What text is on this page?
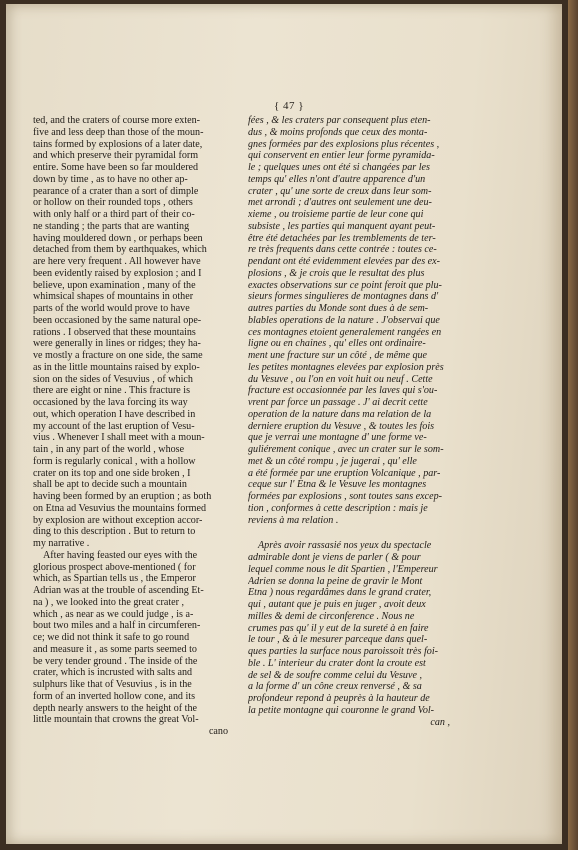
{ 47 }
ted, and the craters of course more exten-
five and less deep than those of the moun-
tains formed by explosions of a later date,
and which preserve their pyramidal form
entire. Some have been so far mouldered
down by time , as to have no other ap-
pearance of a crater than a sort of dimple
or hollow on their rounded tops , others
with only half or a third part of their co-
ne standing ; the parts that are wanting
having mouldered down , or perhaps been
detached from them by earthquakes, which
are here very frequent . All however have
been evidently raised by explosion ; and I
believe, upon examination , many of the
whimsical shapes of mountains in other
parts of the world would prove to have
been occasioned by the same natural ope-
rations . I observed that these mountains
were generally in lines or ridges; they ha-
ve mostly a fracture on one side, the same
as in the little mountains raised by explo-
sion on the sides of Vesuvius , of which
there are eight or nine . This fracture is
occasioned by the lava forcing its way
out, which operation I have described in
my account of the last eruption of Vesu-
vius . Whenever I shall meet with a moun-
tain , in any part of the world , whose
form is regularly conical , with a hollow
crater on its top and one side broken , I
shall be apt to decide such a mountain
having been formed by an eruption ; as both
on Etna ad Vesuvius the mountains formed
by explosion are without exception accor-
ding to this description . But to return to
my narrative .
After having feasted our eyes with the
glorious prospect above-mentioned ( for
which, as Spartian tells us , the Emperor
Adrian was at the trouble of ascending Et-
na ) , we looked into the great crater ,
which , as near as we could judge , is a-
bout two miles and a half in circumferen-
ce; we did not think it safe to go round
and measure it , as some parts seemed to
be very tender ground . The inside of the
crater, which is incrusted with salts and
sulphurs like that of Vesuvius , is in the
form of an inverted hollow cone, and its
depth nearly answers to the height of the
little mountain that crowns the great Vol-
cano
fées , & les craters par consequent plus eten-
dus , & moins profonds que ceux des monta-
gnes formées par des explosions plus récentes ,
qui conservent en entier leur forme pyramida-
le ; quelques unes ont été si changées par les
temps qu' elles n'ont d'autre apparence d'un
crater , qu' une sorte de creux dans leur som-
met arrondi ; d'autres ont seulement une deu-
xieme , ou troisieme partie de leur cone qui
subsiste , les parties qui manquent ayant peut-
être été detachées par les tremblements de ter-
re très frequents dans cette contrée : toutes ce-
pendant ont été evidemment elevées par des ex-
plosions , & je crois que le resultat des plus
exactes observations sur ce point feroit que plu-
sieurs formes singulieres de montagnes dans d'
autres parties du Monde sont dues à de sem-
blables operations de la nature . J'observai que
ces montagnes etoient generalement rangées en
ligne ou en chaines , qu' elles ont ordinaire-
ment une fracture sur un côté , de même que
les petites montagnes elevées par explosion près
du Vesuve , ou l'on en voit huit ou neuf . Cette
fracture est occasionnée par les laves qui s'ou-
vrent par force un passage . J' ai decrit cette
operation de la nature dans ma relation de la
derniere eruption du Vesuve , & toutes les fois
que je verrai une montagne d' une forme ve-
guliérement conique , avec un crater sur le som-
met & un côté rompu , je jugerai , qu' elle
a été formée par une eruption Volcanique , par-
ceque sur l' Etna & le Vesuve les montagnes
formées par explosions , sont toutes sans excep-
tion , conformes à cette description : mais je
reviens à ma relation .
Après avoir rassasié nos yeux du spectacle
admirable dont je viens de parler ( & pour
lequel comme nous le dit Spartien , l'Empereur
Adrien se donna la peine de gravir le Mont
Etna ) nous regardâmes dans le grand crater,
qui , autant que je puis en juger , avoit deux
milles & demi de circonference . Nous ne
crumes pas qu' il y eut de la sureté à en faire
le tour , & à le mesurer parceque dans quel-
ques parties la surface nous paroissoit très foi-
ble . L' interieur du crater dont la croute est
de sel & de soufre comme celui du Vesuve ,
a la forme d' un cône creux renversé , & sa
profondeur repond à peuprès à la hauteur de
la petite montagne qui couronne le grand Vol-
can ,
